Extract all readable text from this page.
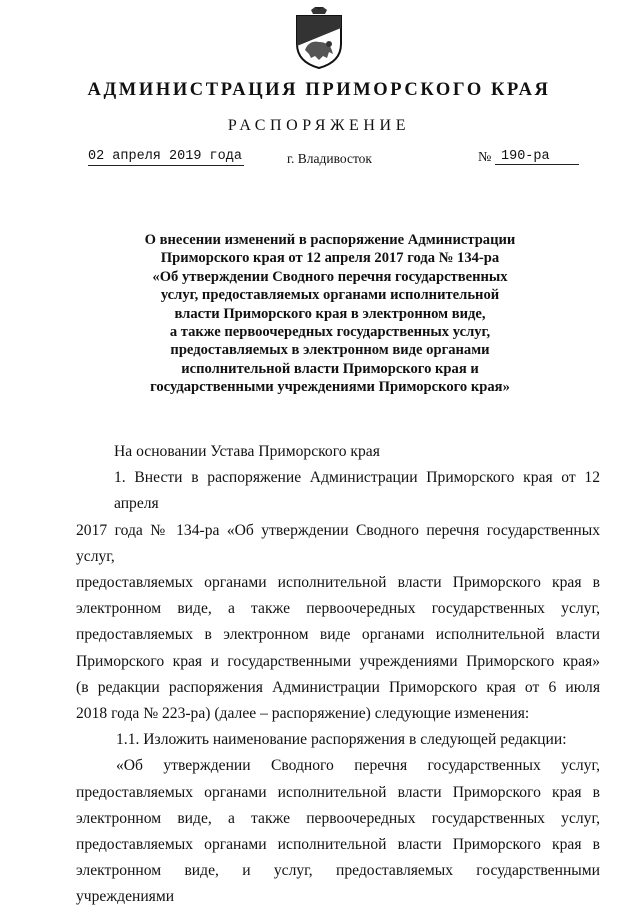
АДМИНИСТРАЦИЯ ПРИМОРСКОГО КРАЯ
РАСПОРЯЖЕНИЕ
02 апреля 2019 года	г. Владивосток	№ 190-ра
О внесении изменений в распоряжение Администрации
Приморского края от 12 апреля 2017 года № 134-ра
«Об утверждении Сводного перечня государственных
услуг, предоставляемых органами исполнительной
власти Приморского края в электронном виде,
а также первоочередных государственных услуг,
предоставляемых в электронном виде органами
исполнительной власти Приморского края и
государственными учреждениями Приморского края»
На основании Устава Приморского края
1. Внести в распоряжение Администрации Приморского края от 12 апреля
2017 года № 134-ра «Об утверждении Сводного перечня государственных услуг,
предоставляемых органами исполнительной власти Приморского края в
электронном виде, а также первоочередных государственных услуг,
предоставляемых в электронном виде органами исполнительной власти
Приморского края и государственными учреждениями Приморского края»
(в редакции распоряжения Администрации Приморского края от 6 июля
2018 года № 223-ра) (далее – распоряжение) следующие изменения:
1.1. Изложить наименование распоряжения в следующей редакции:
«Об утверждении Сводного перечня государственных услуг,
предоставляемых органами исполнительной власти Приморского края в
электронном виде, а также первоочередных государственных услуг,
предоставляемых органами исполнительной власти Приморского края в
электронном виде, и услуг, предоставляемых государственными учреждениями
